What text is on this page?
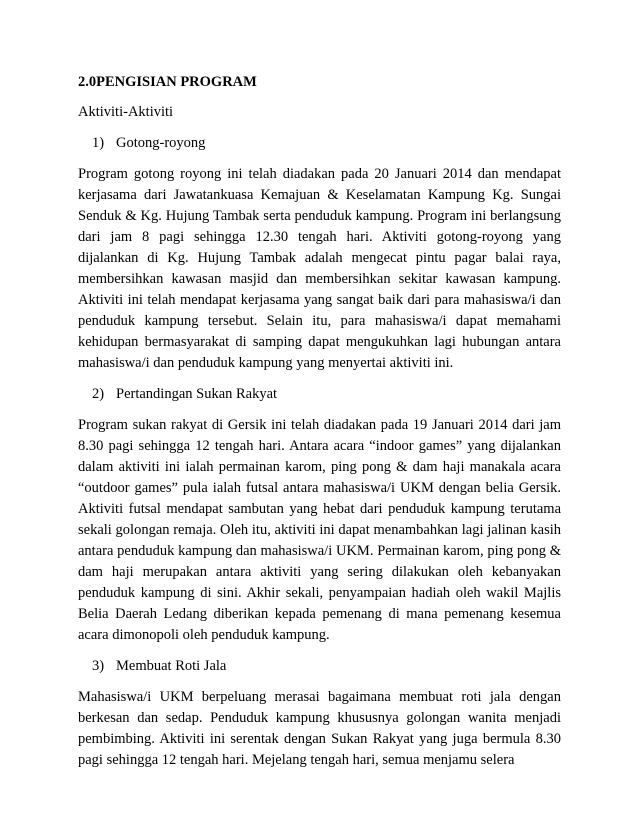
2.0PENGISIAN PROGRAM
Aktiviti-Aktiviti
1) Gotong-royong

Program gotong royong ini telah diadakan pada 20 Januari 2014 dan mendapat kerjasama dari Jawatankuasa Kemajuan & Keselamatan Kampung Kg. Sungai Senduk & Kg. Hujung Tambak serta penduduk kampung. Program ini berlangsung dari jam 8 pagi sehingga 12.30 tengah hari. Aktiviti gotong-royong yang dijalankan di Kg. Hujung Tambak adalah mengecat pintu pagar balai raya, membersihkan kawasan masjid dan membersihkan sekitar kawasan kampung. Aktiviti ini telah mendapat kerjasama yang sangat baik dari para mahasiswa/i dan penduduk kampung tersebut. Selain itu, para mahasiswa/i dapat memahami kehidupan bermasyarakat di samping dapat mengukuhkan lagi hubungan antara mahasiswa/i dan penduduk kampung yang menyertai aktiviti ini.

2) Pertandingan Sukan Rakyat

Program sukan rakyat di Gersik ini telah diadakan pada 19 Januari 2014 dari jam 8.30 pagi sehingga 12 tengah hari. Antara acara “indoor games” yang dijalankan dalam aktiviti ini ialah permainan karom, ping pong & dam haji manakala acara “outdoor games” pula ialah futsal antara mahasiswa/i UKM dengan belia Gersik. Aktiviti futsal mendapat sambutan yang hebat dari penduduk kampung terutama sekali golongan remaja. Oleh itu, aktiviti ini dapat menambahkan lagi jalinan kasih antara penduduk kampung dan mahasiswa/i UKM. Permainan karom, ping pong & dam haji merupakan antara aktiviti yang sering dilakukan oleh kebanyakan penduduk kampung di sini. Akhir sekali, penyampaian hadiah oleh wakil Majlis Belia Daerah Ledang diberikan kepada pemenang di mana pemenang kesemua acara dimonopoli oleh penduduk kampung.

3) Membuat Roti Jala

Mahasiswa/i UKM berpeluang merasai bagaimana membuat roti jala dengan berkesan dan sedap. Penduduk kampung khususnya golongan wanita menjadi pembimbing. Aktiviti ini serentak dengan Sukan Rakyat yang juga bermula 8.30 pagi sehingga 12 tengah hari. Mejelang tengah hari, semua menjamu selera
